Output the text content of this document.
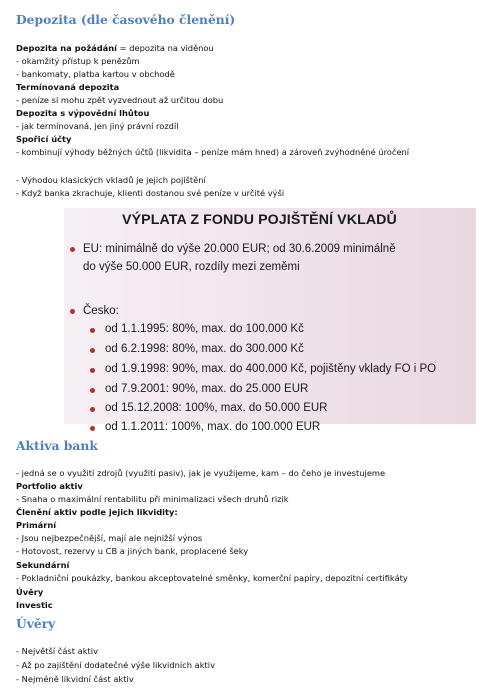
Depozita (dle časového členění)

Depozita na požádání = depozita na viděnou

- okamžitý přístup k penězům

- bankomaty, platba kartou v obchodě

Termínovaná depozita

- peníze si mohu zpět vyzvednout až určitou dobu

Depozita s výpovědní lhůtou

- jak termínovaná, jen jiný právní rozdíl

Spořicí účty

- kombinují výhody běžných účtů (likvidita – peníze mám hned) a zároveň zvýhodněné úročení

- Výhodou klasických vkladů je jejich pojištění

- Když banka zkrachuje, klienti dostanou své peníze v určité výši

VÝPLATA Z FONDU POJIŠTĚNÍ VKLADŮ
EU: minimálně do výše 20.000 EUR; od 30.6.2009 minimálně
do výše 50.000 EUR, rozdíly mezi zeměmi
Česko:
od 1.1.1995: 80%, max. do 100.000 Kč
od 6.2.1998: 80%, max. do 300.000 Kč
od 1.9.1998: 90%, max. do 400.000 Kč, pojištěny vklady FO i PO
od 7.9.2001: 90%, max. do 25.000 EUR
od 15.12.2008: 100%, max. do 50.000 EUR
od 1.1.2011: 100%, max. do 100.000 EUR
Aktiva bank

- jedná se o využití zdrojů (využití pasiv), jak je využijeme, kam – do čeho je investujeme

Portfolio aktiv

- Snaha o maximální rentabilitu při minimalizaci všech druhů rizik

Členění aktiv podle jejich likvidity:

Primární

- Jsou nejbezpečnější, mají ale nejnižší výnos

- Hotovost, rezervy u CB a jiných bank, proplacené šeky

Sekundární

- Pokladniční poukázky, bankou akceptovatelné směnky, komerční papíry, depozitní certifikáty

Úvěry

Investic

Úvěry

- Největší část aktiv

- Až po zajištění dodatečné výše likvidních aktiv

- Nejméně likvidní část aktiv
